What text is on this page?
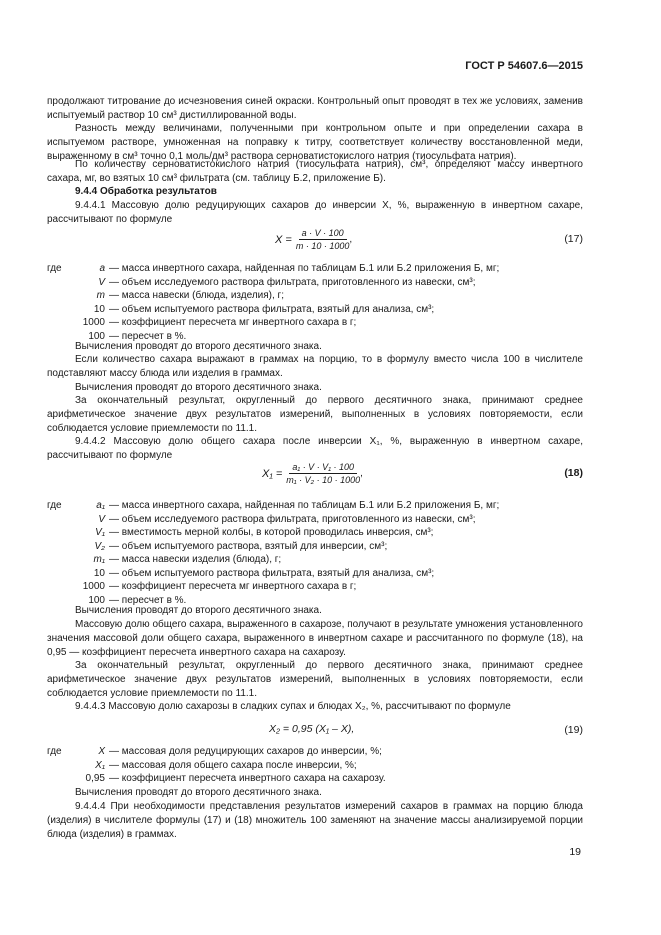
ГОСТ Р 54607.6—2015
продолжают титрование до исчезновения синей окраски. Контрольный опыт проводят в тех же условиях, заменив испытуемый раствор 10 см³ дистиллированной воды.
Разность между величинами, полученными при контрольном опыте и при определении сахара в испытуемом растворе, умноженная на поправку к титру, соответствует количеству восстановленной меди, выраженному в см³ точно 0,1 моль/дм³ раствора серноватистокислого натрия (тиосульфата натрия).
По количеству серноватистокислого натрия (тиосульфата натрия), см³, определяют массу инвертного сахара, мг, во взятых 10 см³ фильтрата (см. таблицу Б.2, приложение Б).
9.4.4 Обработка результатов
9.4.4.1 Массовую долю редуцирующих сахаров до инверсии X, %, выраженную в инвертном сахаре, рассчитывают по формуле
$X = \frac{a \cdot V \cdot 100}{m \cdot 10 \cdot 1000}$ ,	(17)
где	a — масса инвертного сахара, найденная по таблицам Б.1 или Б.2 приложения Б, мг;
V — объем исследуемого раствора фильтрата, приготовленного из навески, см³;
m — масса навески (блюда, изделия), г;
10 — объем испытуемого раствора фильтрата, взятый для анализа, см³;
1000 — коэффициент пересчета мг инвертного сахара в г;
100 — пересчет в %.
Вычисления проводят до второго десятичного знака.
Если количество сахара выражают в граммах на порцию, то в формулу вместо числа 100 в числителе подставляют массу блюда или изделия в граммах.
Вычисления проводят до второго десятичного знака.
За окончательный результат, округленный до первого десятичного знака, принимают среднее арифметическое значение двух результатов измерений, выполненных в условиях повторяемости, если соблюдается условие приемлемости по 11.1.
9.4.4.2 Массовую долю общего сахара после инверсии X₁, %, выраженную в инвертном сахаре, рассчитывают по формуле
$X_1 = \frac{\text{a₁ · V · V₁ · 100}}{\text{m₁ · V₂ · 10 · 1000}}$ ,	(18)
где	a₁ — масса инвертного сахара, найденная по таблицам Б.1 или Б.2 приложения Б, мг;
V — объем исследуемого раствора фильтрата, приготовленного из навески, см³;
V₁ — вместимость мерной колбы, в которой проводилась инверсия, см³;
V₂ — объем испытуемого раствора, взятый для инверсии, см³;
m₁ — масса навески изделия (блюда), г;
10 — объем испытуемого раствора фильтрата, взятый для анализа, см³;
1000 — коэффициент пересчета мг инвертного сахара в г;
100 — пересчет в %.
Вычисления проводят до второго десятичного знака.
Массовую долю общего сахара, выраженного в сахарозе, получают в результате умножения установленного значения массовой доли общего сахара, выраженного в инвертном сахаре и рассчитанного по формуле (18), на 0,95 — коэффициент пересчета инвертного сахара на сахарозу.
За окончательный результат, округленный до первого десятичного знака, принимают среднее арифметическое значение двух результатов измерений, выполненных в условиях повторяемости, если соблюдается условие приемлемости по 11.1.
9.4.4.3 Массовую долю сахарозы в сладких супах и блюдах X₂, %, рассчитывают по формуле
X₂ = 0,95 (X₁ – X),	(19)
где	X — массовая доля редуцирующих сахаров до инверсии, %;
X₁ — массовая доля общего сахара после инверсии, %;
0,95 — коэффициент пересчета инвертного сахара на сахарозу.
Вычисления проводят до второго десятичного знака.
9.4.4.4 При необходимости представления результатов измерений сахаров в граммах на порцию блюда (изделия) в числителе формулы (17) и (18) множитель 100 заменяют на значение массы анализируемой порции блюда (изделия) в граммах.
19
